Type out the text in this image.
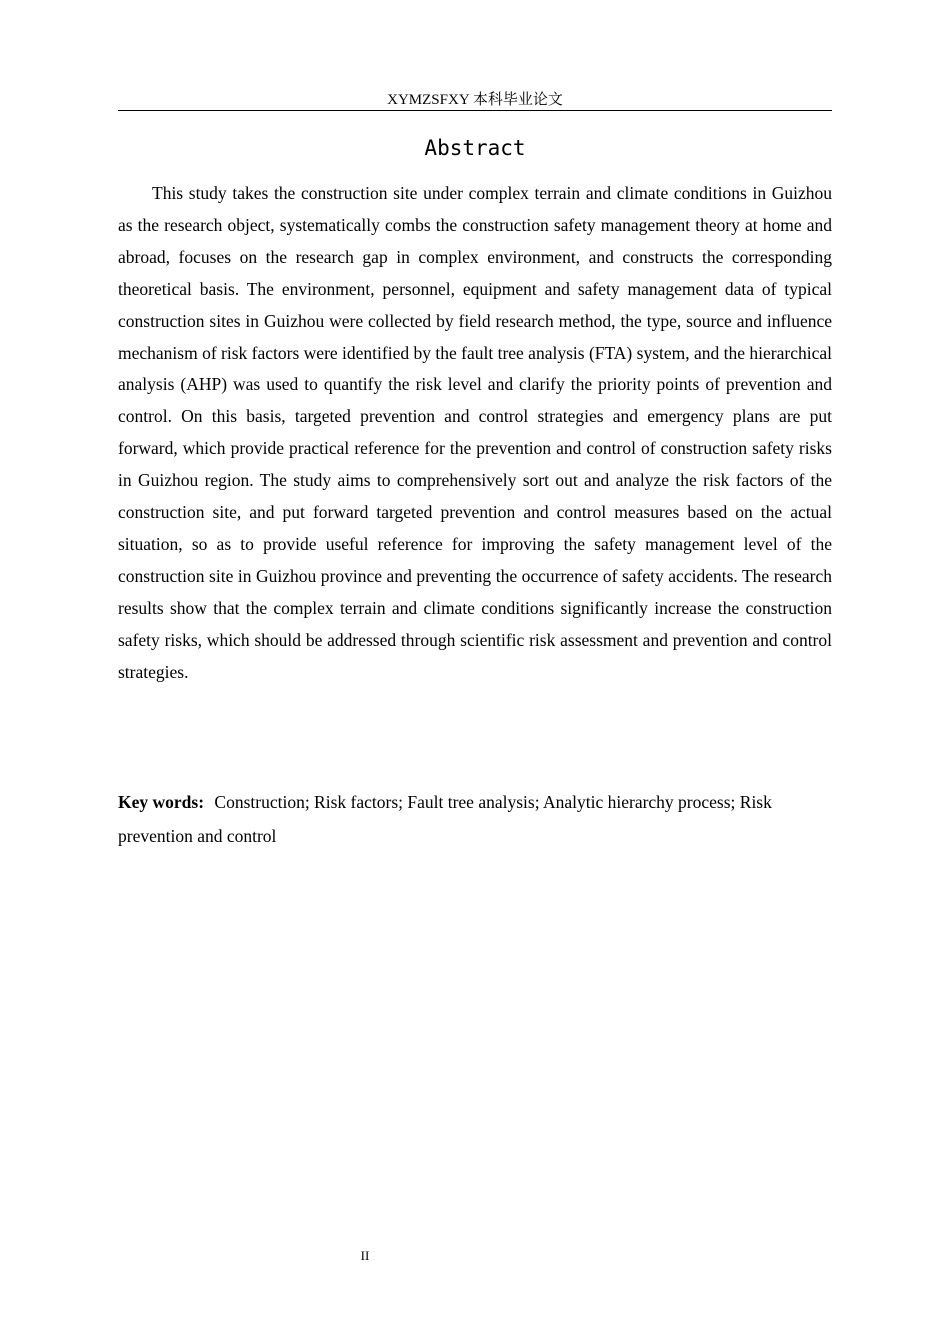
XYMZSFXY 本科毕业论文
Abstract

This study takes the construction site under complex terrain and climate conditions in Guizhou as the research object, systematically combs the construction safety management theory at home and abroad, focuses on the research gap in complex environment, and constructs the corresponding theoretical basis. The environment, personnel, equipment and safety management data of typical construction sites in Guizhou were collected by field research method, the type, source and influence mechanism of risk factors were identified by the fault tree analysis (FTA) system, and the hierarchical analysis (AHP) was used to quantify the risk level and clarify the priority points of prevention and control. On this basis, targeted prevention and control strategies and emergency plans are put forward, which provide practical reference for the prevention and control of construction safety risks in Guizhou region. The study aims to comprehensively sort out and analyze the risk factors of the construction site, and put forward targeted prevention and control measures based on the actual situation, so as to provide useful reference for improving the safety management level of the construction site in Guizhou province and preventing the occurrence of safety accidents. The research results show that the complex terrain and climate conditions significantly increase the construction safety risks, which should be addressed through scientific risk assessment and prevention and control strategies.

Key words: Construction; Risk factors; Fault tree analysis; Analytic hierarchy process; Risk prevention and control

II
